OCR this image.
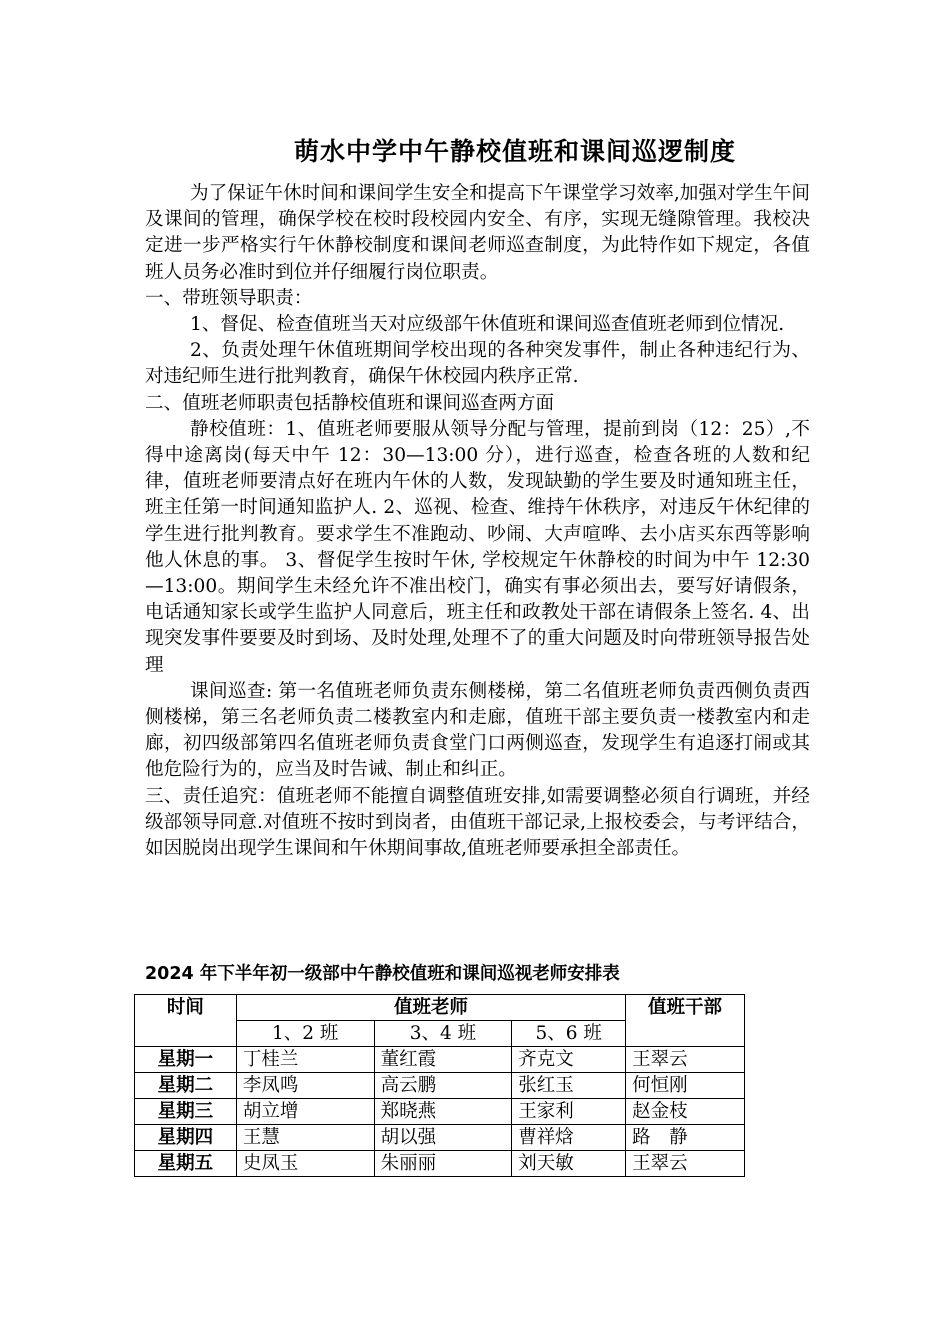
萌水中学中午静校值班和课间巡逻制度

为了保证午休时间和课间学生安全和提高下午课堂学习效率,加强对学生午间及课间的管理，确保学校在校时段校园内安全、有序，实现无缝隙管理。我校决定进一步严格实行午休静校制度和课间老师巡查制度，为此特作如下规定，各值班人员务必准时到位并仔细履行岗位职责。

一、带班领导职责：

1、督促、检查值班当天对应级部午休值班和课间巡查值班老师到位情况.

2、负责处理午休值班期间学校出现的各种突发事件，制止各种违纪行为、对违纪师生进行批判教育，确保午休校园内秩序正常.

二、值班老师职责包括静校值班和课间巡查两方面

静校值班：1、值班老师要服从领导分配与管理，提前到岗（12：25）,不得中途离岗(每天中午 12：30—13:00 分），进行巡查，检查各班的人数和纪律，值班老师要清点好在班内午休的人数，发现缺勤的学生要及时通知班主任，班主任第一时间通知监护人. 2、巡视、检查、维持午休秩序，对违反午休纪律的学生进行批判教育。要求学生不准跑动、吵闹、大声喧哗、去小店买东西等影响他人休息的事。 3、督促学生按时午休, 学校规定午休静校的时间为中午 12:30—13:00。期间学生未经允许不准出校门，确实有事必须出去，要写好请假条，电话通知家长或学生监护人同意后，班主任和政教处干部在请假条上签名. 4、出现突发事件要要及时到场、及时处理,处理不了的重大问题及时向带班领导报告处理

课间巡查: 第一名值班老师负责东侧楼梯，第二名值班老师负责西侧负责西侧楼梯，第三名老师负责二楼教室内和走廊，值班干部主要负责一楼教室内和走廊，初四级部第四名值班老师负责食堂门口两侧巡查，发现学生有追逐打闹或其他危险行为的，应当及时告诫、制止和纠正。

三、责任追究：值班老师不能擅自调整值班安排,如需要调整必须自行调班，并经级部领导同意.对值班不按时到岗者，由值班干部记录,上报校委会，与考评结合，如因脱岗出现学生课间和午休期间事故,值班老师要承担全部责任。

2024 年下半年初一级部中午静校值班和课间巡视老师安排表
时间	值班老师			值班干部
	1、2 班	3、4 班	5、6 班	
星期一	丁桂兰	董红霞	齐克文	王翠云
星期二	李凤鸣	高云鹏	张红玉	何恒刚
星期三	胡立增	郑晓燕	王家利	赵金枝
星期四	王慧	胡以强	曹祥焓	路　静
星期五	史凤玉	朱丽丽	刘天敏	王翠云
